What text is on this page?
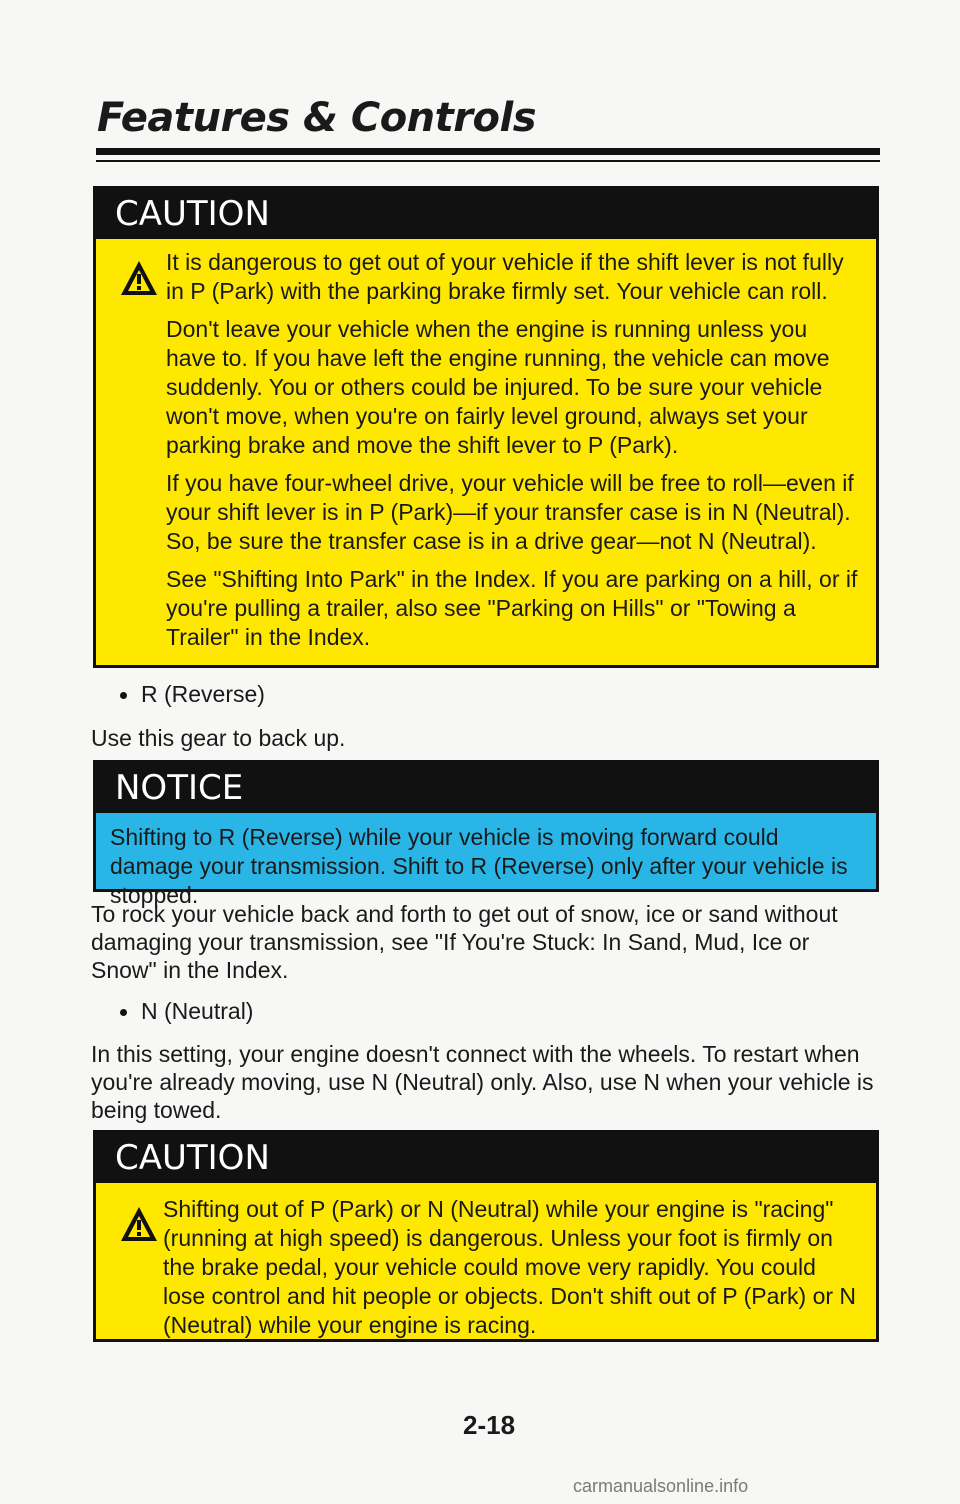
Features & Controls
CAUTION

It is dangerous to get out of your vehicle if the shift lever is not fully in P (Park) with the parking brake firmly set. Your vehicle can roll.

Don't leave your vehicle when the engine is running unless you have to. If you have left the engine running, the vehicle can move suddenly. You or others could be injured. To be sure your vehicle won't move, when you're on fairly level ground, always set your parking brake and move the shift lever to P (Park).

If you have four-wheel drive, your vehicle will be free to roll—even if your shift lever is in P (Park)—if your transfer case is in N (Neutral). So, be sure the transfer case is in a drive gear—not N (Neutral).

See "Shifting Into Park" in the Index. If you are parking on a hill, or if you're pulling a trailer, also see "Parking on Hills" or "Towing a Trailer" in the Index.

R (Reverse)

Use this gear to back up.

NOTICE

Shifting to R (Reverse) while your vehicle is moving forward could damage your transmission. Shift to R (Reverse) only after your vehicle is stopped.

To rock your vehicle back and forth to get out of snow, ice or sand without damaging your transmission, see "If You're Stuck: In Sand, Mud, Ice or Snow" in the Index.

N (Neutral)

In this setting, your engine doesn't connect with the wheels. To restart when you're already moving, use N (Neutral) only. Also, use N when your vehicle is being towed.

CAUTION

Shifting out of P (Park) or N (Neutral) while your engine is "racing" (running at high speed) is dangerous. Unless your foot is firmly on the brake pedal, your vehicle could move very rapidly. You could lose control and hit people or objects. Don't shift out of P (Park) or N (Neutral) while your engine is racing.

2-18
carmanualsonline.info
